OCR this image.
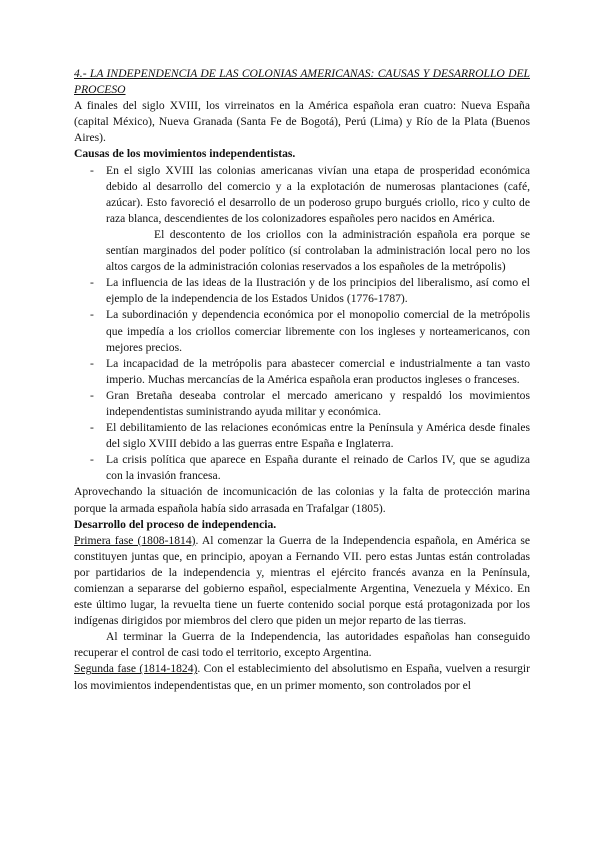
4.- LA INDEPENDENCIA DE LAS COLONIAS AMERICANAS: CAUSAS Y DESARROLLO DEL PROCESO

A finales del siglo XVIII, los virreinatos en la América española eran cuatro: Nueva España (capital México), Nueva Granada (Santa Fe de Bogotá), Perú (Lima) y Río de la Plata (Buenos Aires).

Causas de los movimientos independentistas.

- En el siglo XVIII las colonias americanas vivían una etapa de prosperidad económica debido al desarrollo del comercio y a la explotación de numerosas plantaciones (café, azúcar). Esto favoreció el desarrollo de un poderoso grupo burgués criollo, rico y culto de raza blanca, descendientes de los colonizadores españoles pero nacidos en América.
El descontento de los criollos con la administración española era porque se sentían marginados del poder político (sí controlaban la administración local pero no los altos cargos de la administración colonias reservados a los españoles de la metrópolis)
- La influencia de las ideas de la Ilustración y de los principios del liberalismo, así como el ejemplo de la independencia de los Estados Unidos (1776-1787).
- La subordinación y dependencia económica por el monopolio comercial de la metrópolis que impedía a los criollos comerciar libremente con los ingleses y norteamericanos, con mejores precios.
- La incapacidad de la metrópolis para abastecer comercial e industrialmente a tan vasto imperio. Muchas mercancías de la América española eran productos ingleses o franceses.
- Gran Bretaña deseaba controlar el mercado americano y respaldó los movimientos independentistas suministrando ayuda militar y económica.
- El debilitamiento de las relaciones económicas entre la Península y América desde finales del siglo XVIII debido a las guerras entre España e Inglaterra.
- La crisis política que aparece en España durante el reinado de Carlos IV, que se agudiza con la invasión francesa.

Aprovechando la situación de incomunicación de las colonias y la falta de protección marina porque la armada española había sido arrasada en Trafalgar (1805).

Desarrollo del proceso de independencia.

Primera fase (1808-1814). Al comenzar la Guerra de la Independencia española, en América se constituyen juntas que, en principio, apoyan a Fernando VII. pero estas Juntas están controladas por partidarios de la independencia y, mientras el ejército francés avanza en la Península, comienzan a separarse del gobierno español, especialmente Argentina, Venezuela y México. En este último lugar, la revuelta tiene un fuerte contenido social porque está protagonizada por los indígenas dirigidos por miembros del clero que piden un mejor reparto de las tierras.

Al terminar la Guerra de la Independencia, las autoridades españolas han conseguido recuperar el control de casi todo el territorio, excepto Argentina.

Segunda fase (1814-1824). Con el establecimiento del absolutismo en España, vuelven a resurgir los movimientos independentistas que, en un primer momento, son controlados por el
